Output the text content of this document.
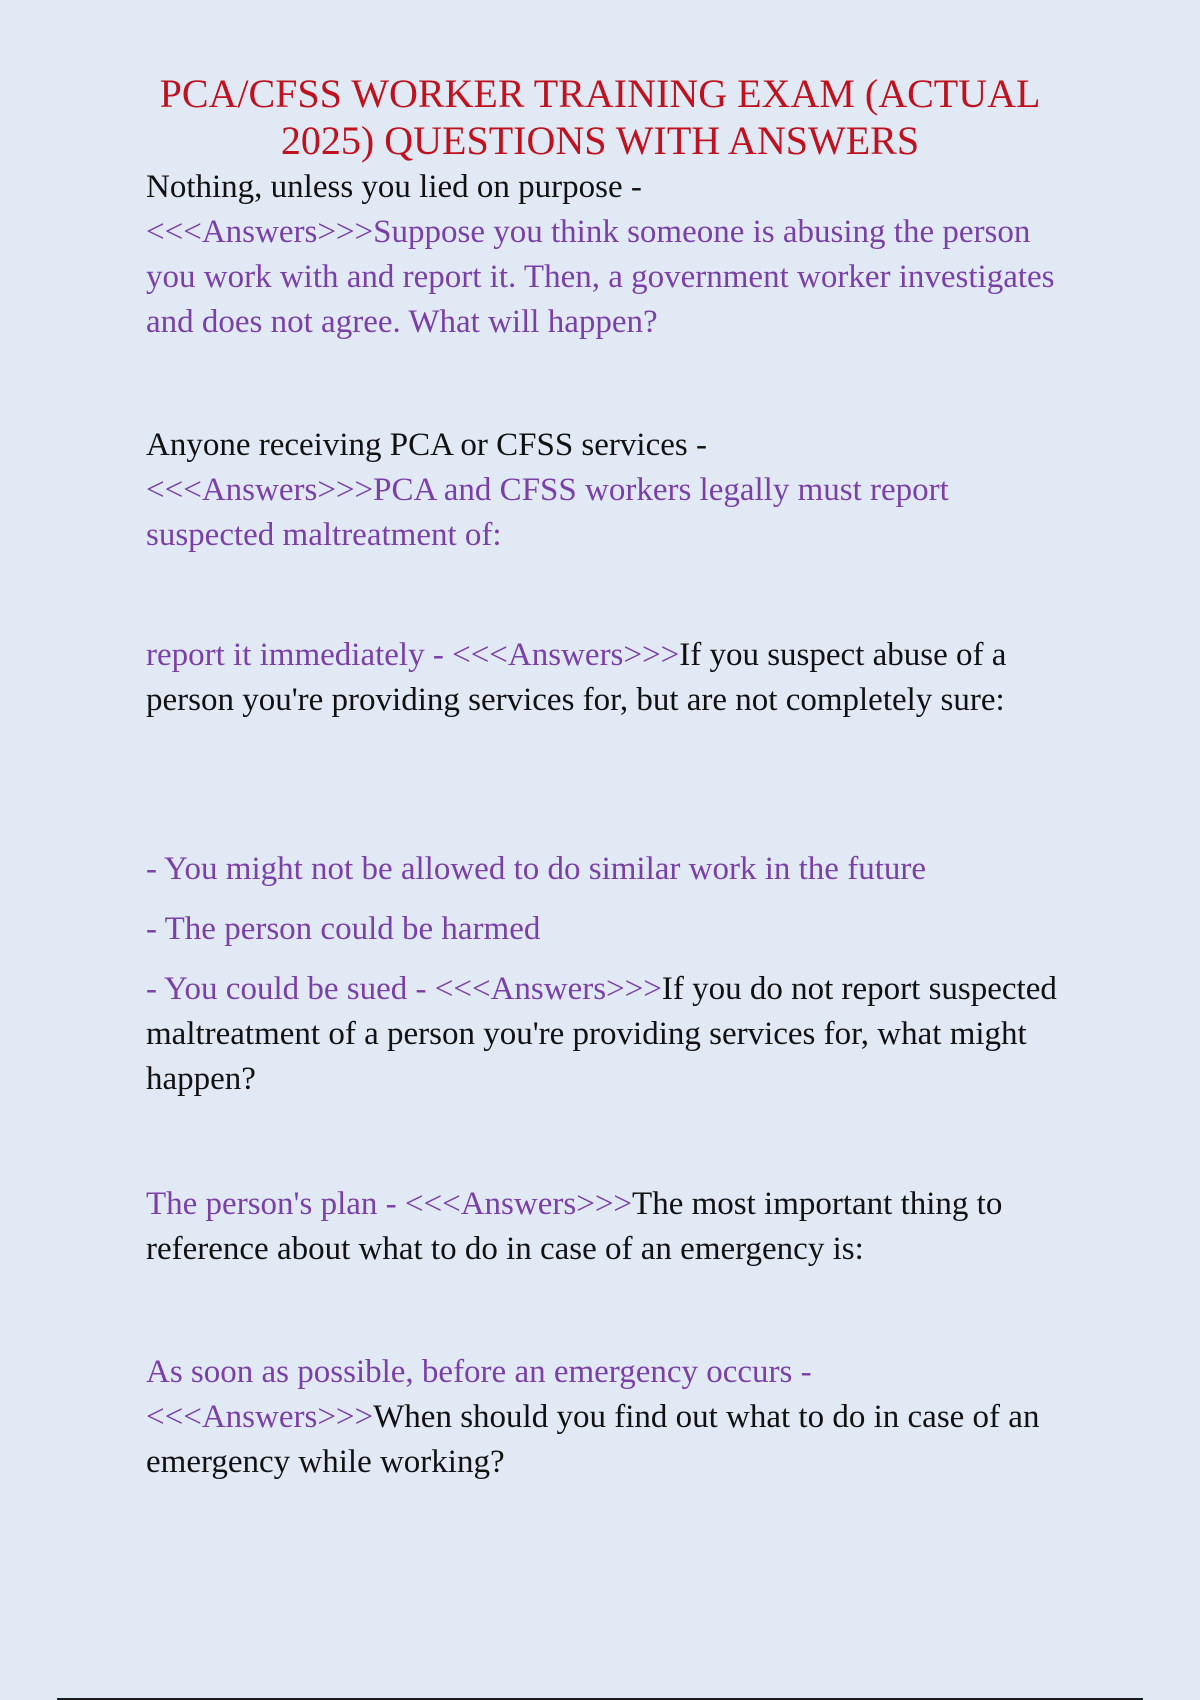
PCA/CFSS WORKER TRAINING EXAM (ACTUAL 2025) QUESTIONS WITH ANSWERS
Nothing, unless you lied on purpose -
<<<Answers>>>Suppose you think someone is abusing the person you work with and report it. Then, a government worker investigates and does not agree. What will happen?
Anyone receiving PCA or CFSS services -
<<<Answers>>>PCA and CFSS workers legally must report suspected maltreatment of:
report it immediately - <<<Answers>>>If you suspect abuse of a person you're providing services for, but are not completely sure:
- You might not be allowed to do similar work in the future
- The person could be harmed
- You could be sued - <<<Answers>>>If you do not report suspected maltreatment of a person you're providing services for, what might happen?
The person's plan - <<<Answers>>>The most important thing to reference about what to do in case of an emergency is:
As soon as possible, before an emergency occurs -
<<<Answers>>>When should you find out what to do in case of an emergency while working?
